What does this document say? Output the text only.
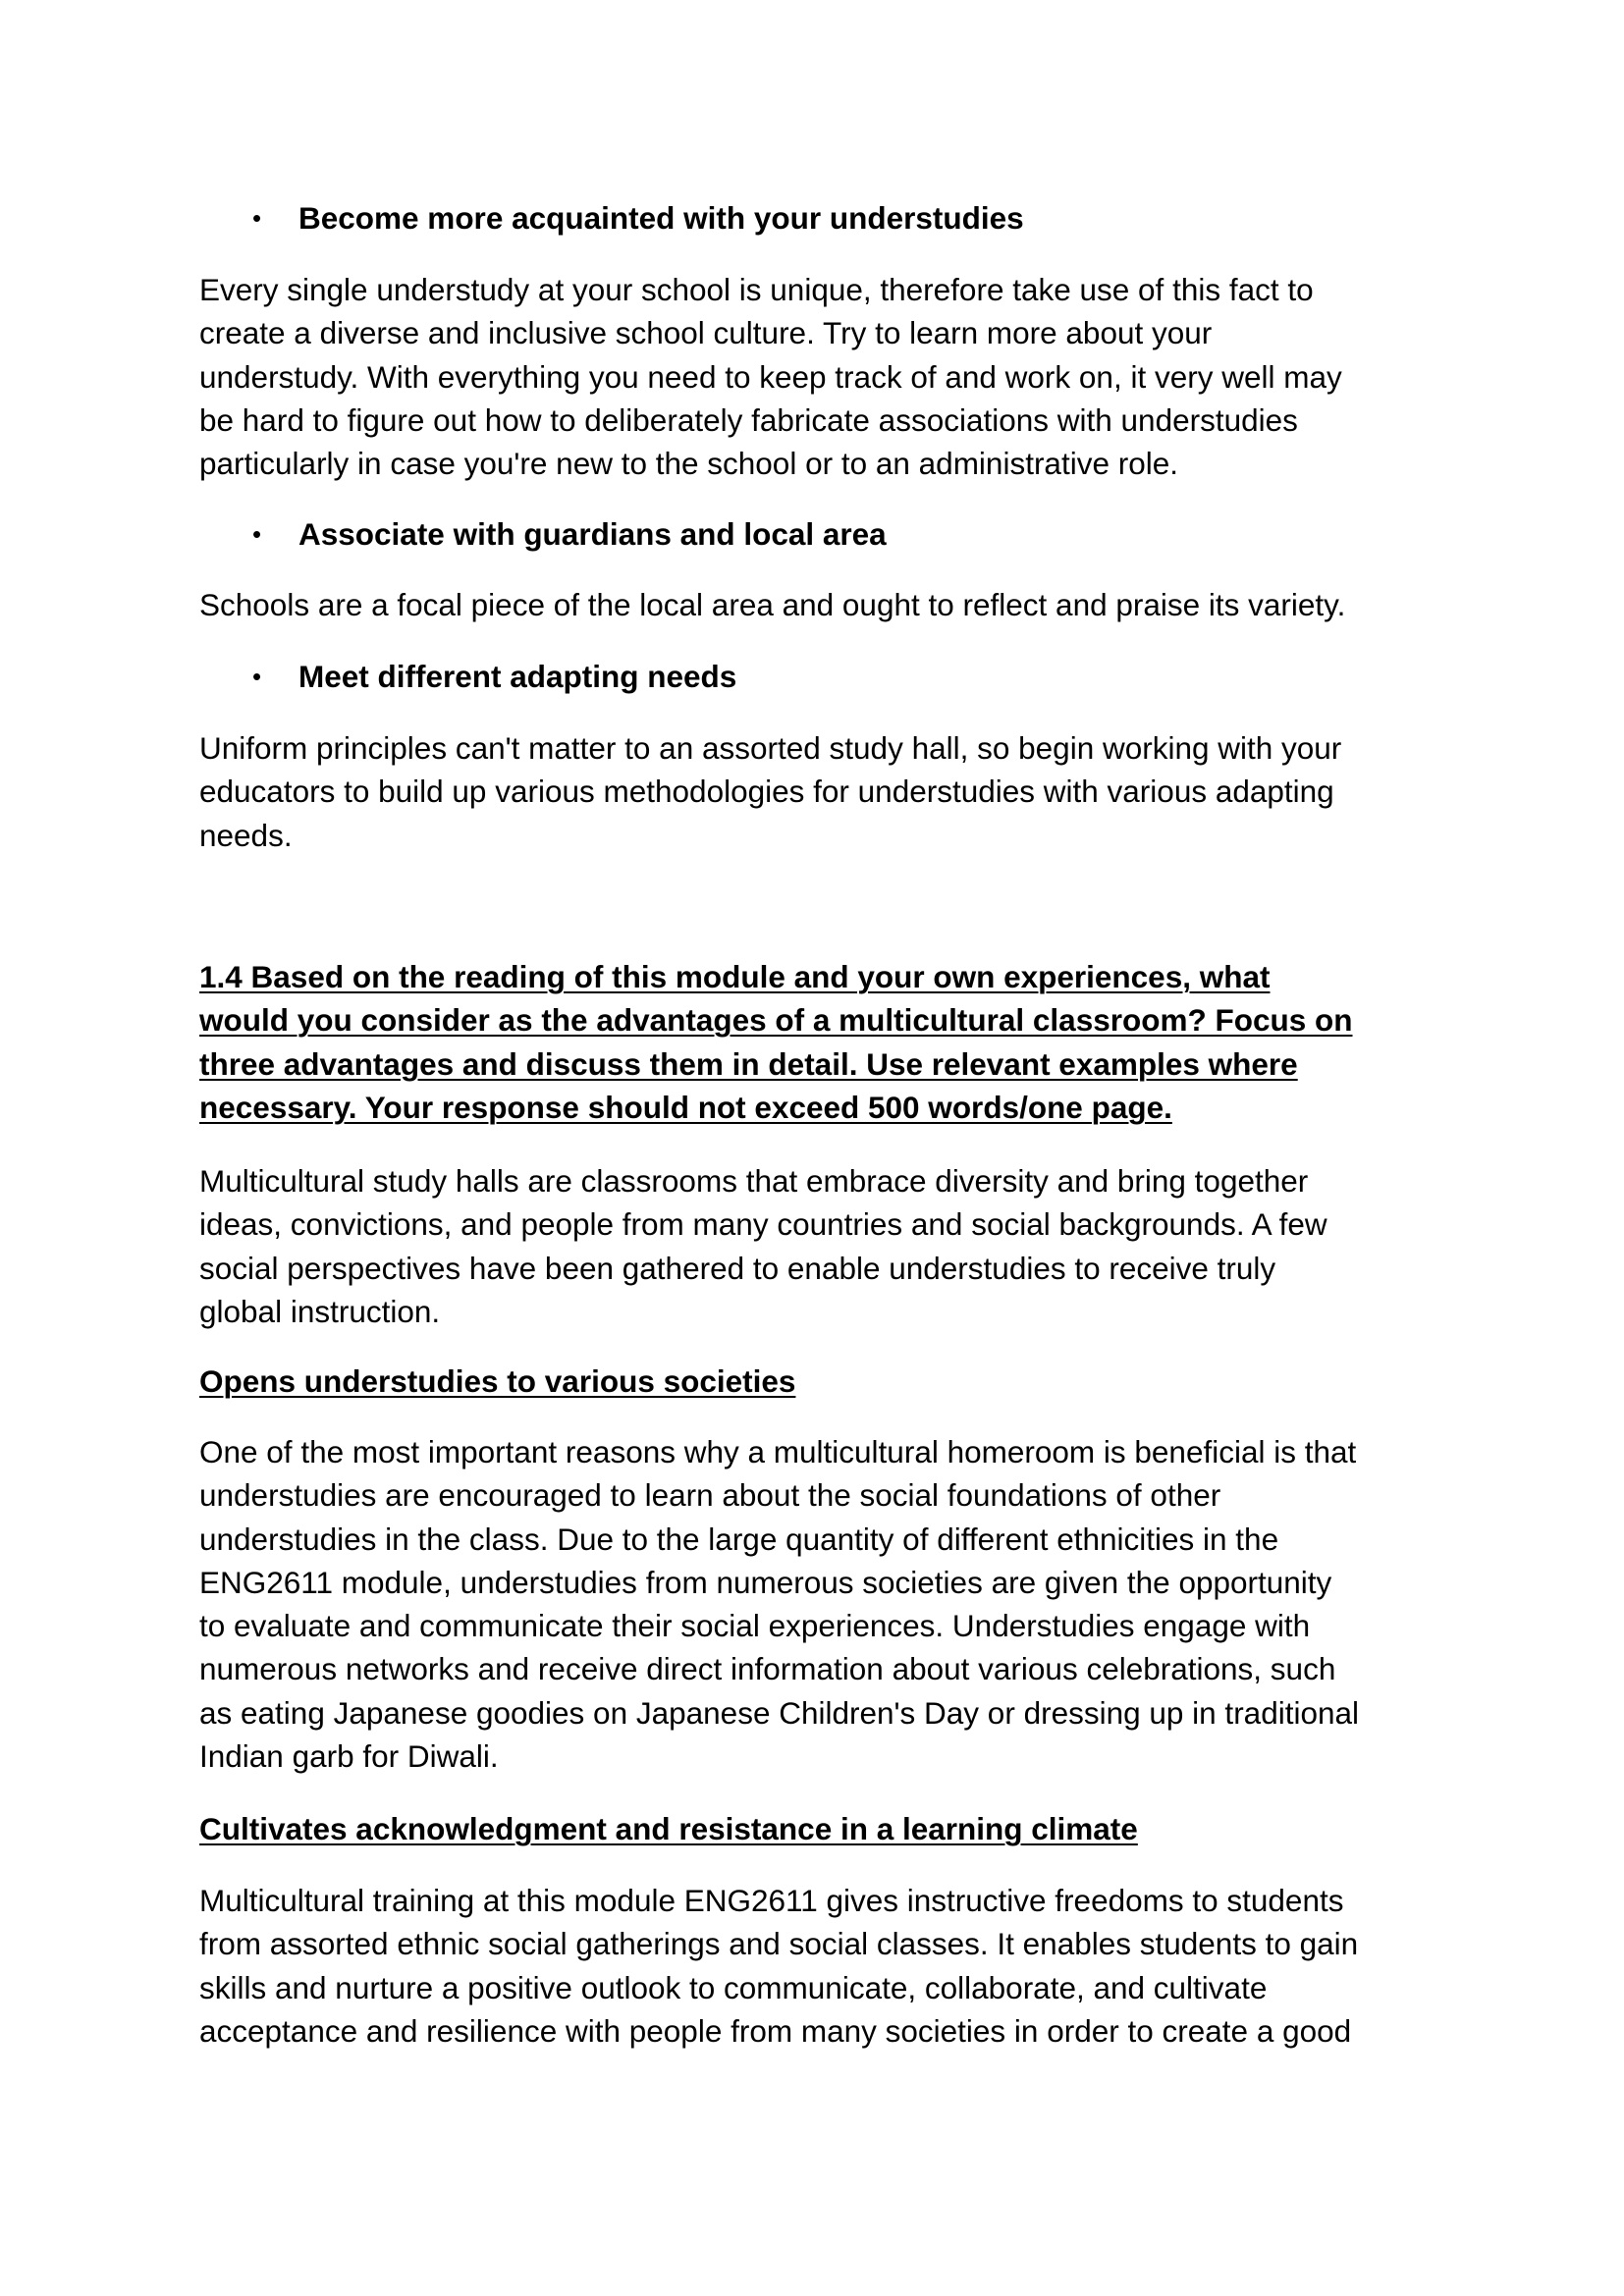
• Become more acquainted with your understudies
Every single understudy at your school is unique, therefore take use of this fact to
create a diverse and inclusive school culture. Try to learn more about your
understudy. With everything you need to keep track of and work on, it very well may
be hard to figure out how to deliberately fabricate associations with understudies
particularly in case you're new to the school or to an administrative role.
• Associate with guardians and local area
Schools are a focal piece of the local area and ought to reflect and praise its variety.
• Meet different adapting needs
Uniform principles can't matter to an assorted study hall, so begin working with your
educators to build up various methodologies for understudies with various adapting
needs.
1.4 Based on the reading of this module and your own experiences, what
would you consider as the advantages of a multicultural classroom? Focus on
three advantages and discuss them in detail. Use relevant examples where
necessary. Your response should not exceed 500 words/one page.
Multicultural study halls are classrooms that embrace diversity and bring together
ideas, convictions, and people from many countries and social backgrounds. A few
social perspectives have been gathered to enable understudies to receive truly
global instruction.
Opens understudies to various societies
One of the most important reasons why a multicultural homeroom is beneficial is that
understudies are encouraged to learn about the social foundations of other
understudies in the class. Due to the large quantity of different ethnicities in the
ENG2611 module, understudies from numerous societies are given the opportunity
to evaluate and communicate their social experiences. Understudies engage with
numerous networks and receive direct information about various celebrations, such
as eating Japanese goodies on Japanese Children's Day or dressing up in traditional
Indian garb for Diwali.
Cultivates acknowledgment and resistance in a learning climate
Multicultural training at this module ENG2611 gives instructive freedoms to students
from assorted ethnic social gatherings and social classes. It enables students to gain
skills and nurture a positive outlook to communicate, collaborate, and cultivate
acceptance and resilience with people from many societies in order to create a good
